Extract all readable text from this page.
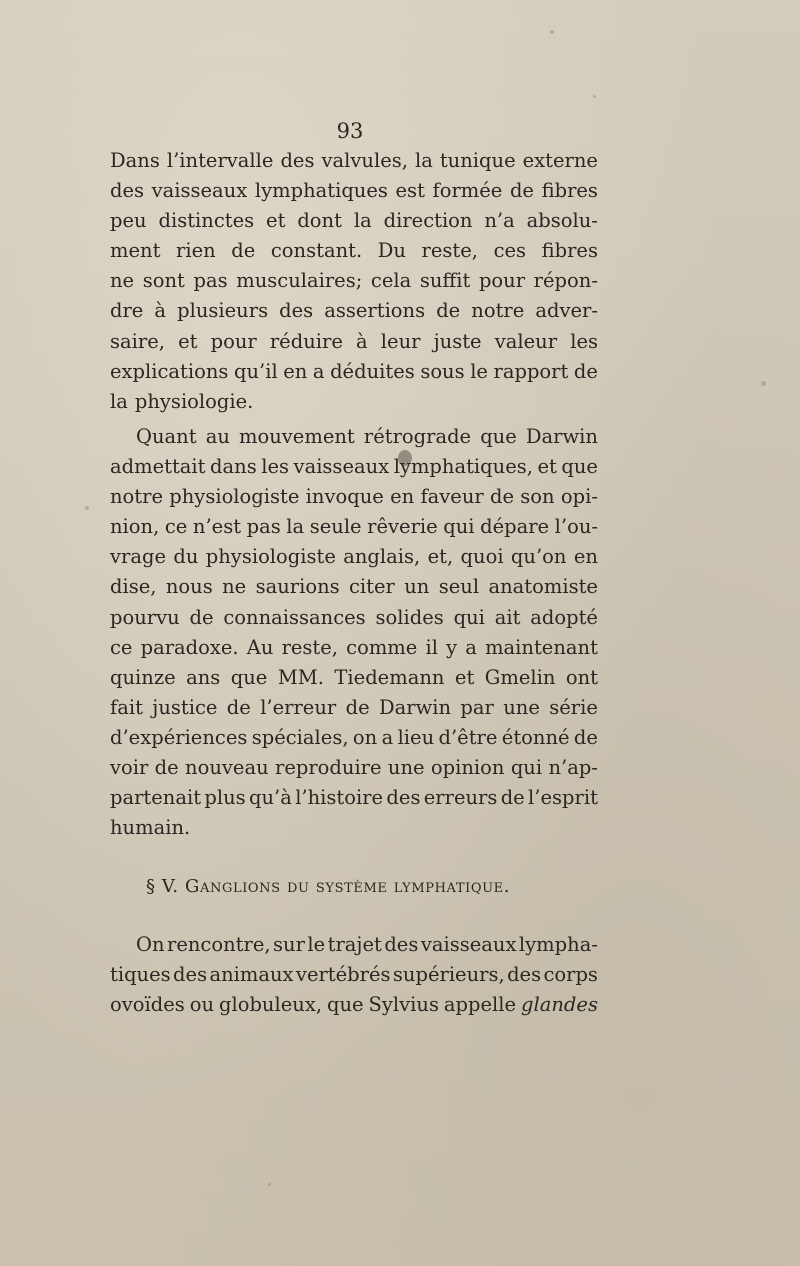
93
Dans l’intervalle des valvules, la tunique externe
des vaisseaux lymphatiques est formée de fibres
peu distinctes et dont la direction n’a absolu-
ment rien de constant. Du reste, ces fibres
ne sont pas musculaires; cela suffit pour répon-
dre à plusieurs des assertions de notre adver-
saire, et pour réduire à leur juste valeur les
explications qu’il en a déduites sous le rapport de
la physiologie.
Quant au mouvement rétrograde que Darwin
admettait dans les vaisseaux lymphatiques, et que
notre physiologiste invoque en faveur de son opi-
nion, ce n’est pas la seule rêverie qui dépare l’ou-
vrage du physiologiste anglais, et, quoi qu’on en
dise, nous ne saurions citer un seul anatomiste
pourvu de connaissances solides qui ait adopté
ce paradoxe. Au reste, comme il y a maintenant
quinze ans que MM. Tiedemann et Gmelin ont
fait justice de l’erreur de Darwin par une série
d’expériences spéciales, on a lieu d’être étonné de
voir de nouveau reproduire une opinion qui n’ap-
partenait plus qu’à l’histoire des erreurs de l’esprit
humain.
§ V. Ganglions du système lymphatique.
On rencontre, sur le trajet des vaisseaux lympha-
tiques des animaux vertébrés supérieurs, des corps
ovoïdes ou globuleux, que Sylvius appelle glandes
